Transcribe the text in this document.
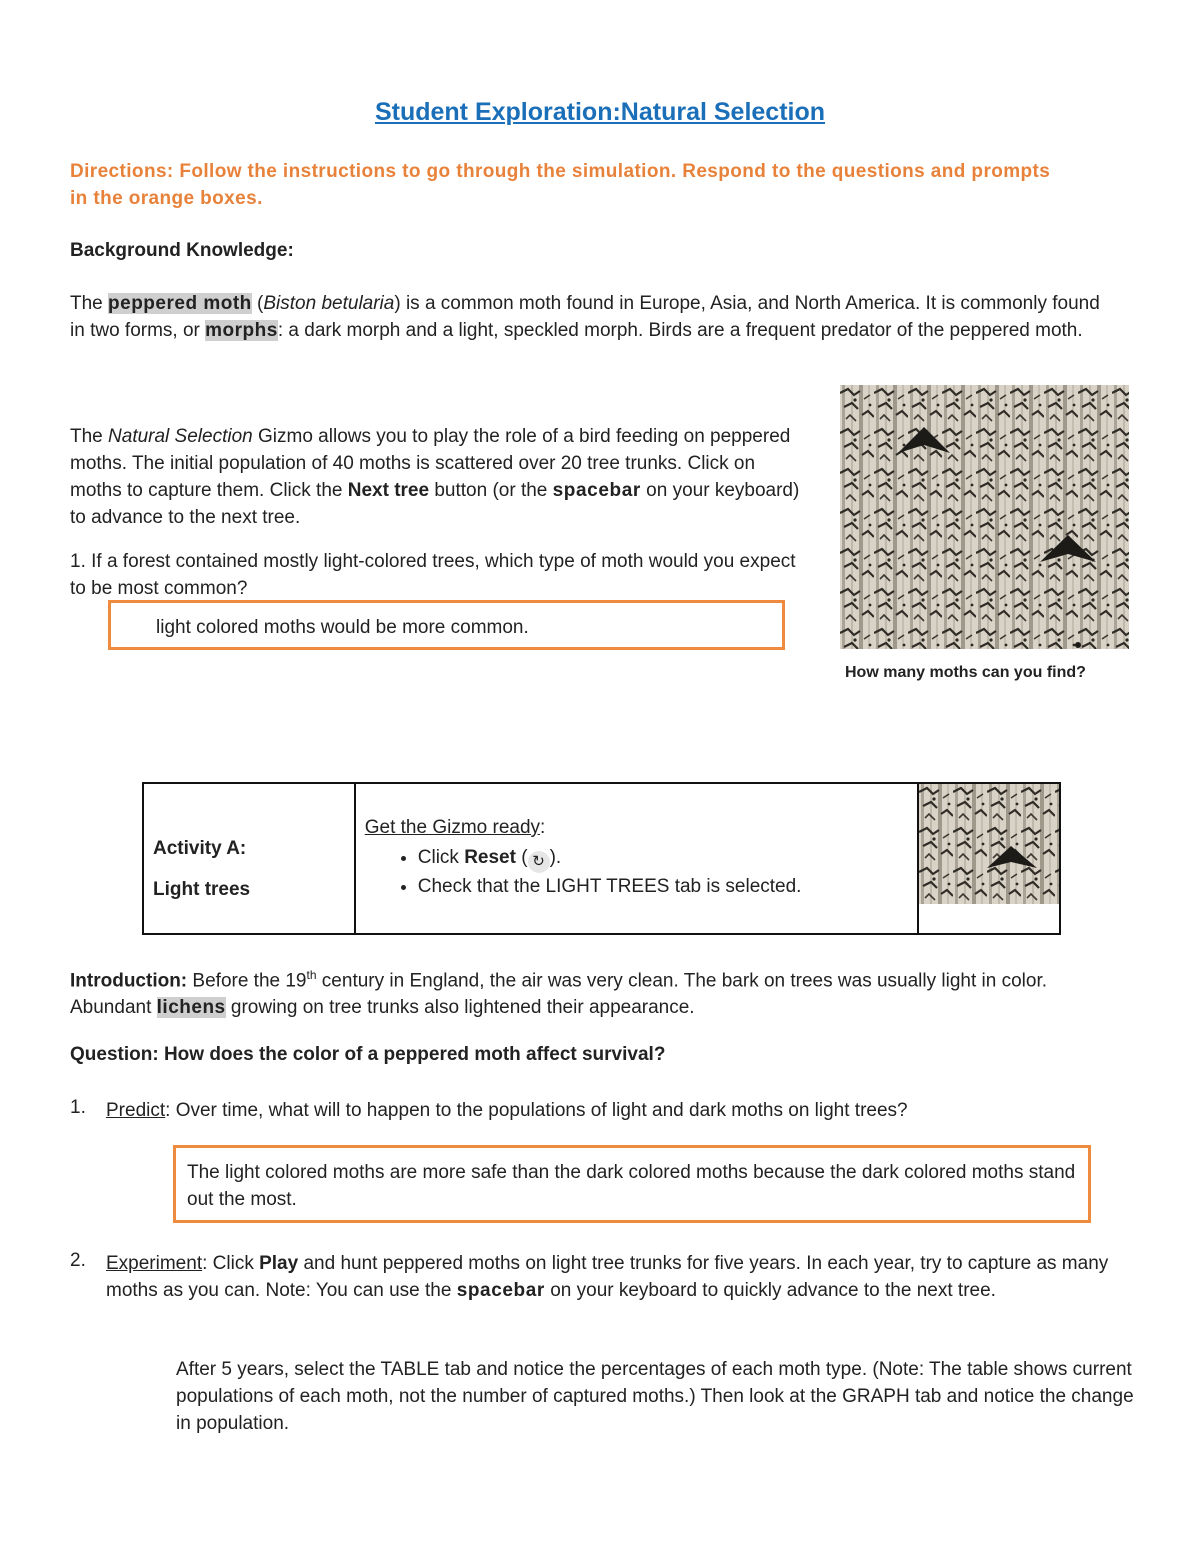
Student Exploration:Natural Selection
Directions: Follow the instructions to go through the simulation. Respond to the questions and prompts in the orange boxes.
Background Knowledge:
The peppered moth (Biston betularia) is a common moth found in Europe, Asia, and North America. It is commonly found in two forms, or morphs: a dark morph and a light, speckled morph. Birds are a frequent predator of the peppered moth.
The Natural Selection Gizmo allows you to play the role of a bird feeding on peppered moths. The initial population of 40 moths is scattered over 20 tree trunks. Click on moths to capture them. Click the Next tree button (or the spacebar on your keyboard) to advance to the next tree.
1. If a forest contained mostly light-colored trees, which type of moth would you expect to be most common?
light colored moths would be more common.
How many moths can you find?
Activity A:
Light trees

Get the Gizmo ready:
• Click Reset ( ↻ ).
• Check that the LIGHT TREES tab is selected.

Introduction: Before the 19th century in England, the air was very clean. The bark on trees was usually light in color. Abundant lichens growing on tree trunks also lightened their appearance.
Question: How does the color of a peppered moth affect survival?
1. Predict: Over time, what will to happen to the populations of light and dark moths on light trees?
The light colored moths are more safe than the dark colored moths because the dark colored moths stand out the most.
2. Experiment: Click Play and hunt peppered moths on light tree trunks for five years. In each year, try to capture as many moths as you can. Note: You can use the spacebar on your keyboard to quickly advance to the next tree.
After 5 years, select the TABLE tab and notice the percentages of each moth type. (Note: The table shows current populations of each moth, not the number of captured moths.) Then look at the GRAPH tab and notice the change in population.
